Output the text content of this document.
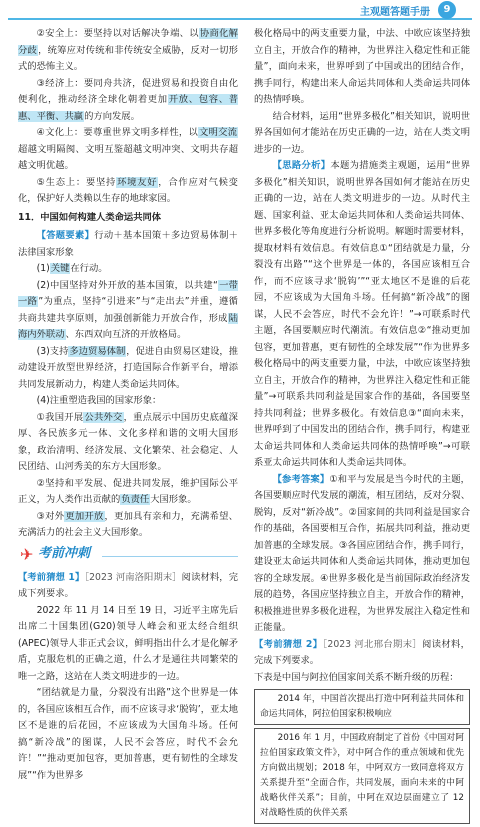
主观题答题手册	9

②安全上：要坚持以对话解决争端、以协商化解分歧，统筹应对传统和非传统安全威胁，反对一切形式的恐怖主义。

③经济上：要同舟共济，促进贸易和投资自由化便利化，推动经济全球化朝着更加开放、包容、普惠、平衡、共赢的方向发展。

④文化上：要尊重世界文明多样性，以文明交流超越文明隔阂、文明互鉴超越文明冲突、文明共存超越文明优越。

⑤生态上：要坚持环境友好，合作应对气候变化，保护好人类赖以生存的地球家园。

11．中国如何构建人类命运共同体

【答题要素】行动＋基本国策＋多边贸易体制＋法律国家形象

(1)关键在行动。

(2)中国坚持对外开放的基本国策，以共建“一带一路”为重点，坚持“引进来”与“走出去”并重，遵循共商共建共享原则，加强创新能力开放合作，形成陆海内外联动、东西双向互济的开放格局。

(3)支持多边贸易体制，促进自由贸易区建设，推动建设开放型世界经济，打造国际合作新平台，增添共同发展新动力，构建人类命运共同体。

(4)注重塑造我国的国家形象：

①我国开展公共外交，重点展示中国历史底蕴深厚、各民族多元一体、文化多样和谐的文明大国形象，政治清明、经济发展、文化繁荣、社会稳定、人民团结、山河秀美的东方大国形象。

②坚持和平发展、促进共同发展，维护国际公平正义，为人类作出贡献的负责任大国形象。

③对外更加开放，更加具有亲和力，充满希望、充满活力的社会主义大国形象。

✈ 考前冲刺

【考前猜想 1】［2023 河南洛阳期末］阅读材料，完成下列要求。

2022 年 11 月 14 日至 19 日，习近平主席先后出席二十国集团(G20)领导人峰会和亚太经合组织(APEC)领导人非正式会议，鲜明指出什么才是化解矛盾，克服危机的正确之道，什么才是通往共同繁荣的唯一之路，这站在人类文明进步的一边。

“团结就是力量，分裂没有出路”这个世界是一体的，各国应该相互合作，而不应该寻求‘脱钩’，亚太地区不是谁的后花园，不应该成为大国角斗场。任何搞“新冷战”的图谋，人民不会答应，时代不会允许！”“推动更加包容，更加普惠，更有韧性的全球发展”“作为世界多

极化格局中的两支重要力量，中法、中欧应该坚持独立自主，开放合作的精神，为世界注入稳定性和正能量”，面向未来，世界呼到了中国或出的团结合作，携手同行，构建出来人命运共同体和人类命运共同体的热情呼唤。

结合材料，运用“世界多极化”相关知识，说明世界各国如何才能站在历史正确的一边，站在人类文明进步的一边。

【思路分析】本题为措施类主观题，运用“世界多极化”相关知识，说明世界各国如何才能站在历史正确的一边，站在人类文明进步的一边。从时代主题、国家利益、亚太命运共同体和人类命运共同体、世界多极化等角度进行分析说明。解题时需要材料，提取材料有效信息。有效信息①“团结就是力量，分裂没有出路”“这个世界是一体的，各国应该相互合作，而不应该寻求‘脱钩’”“亚太地区不是谁的后花园，不应该成为大国角斗场。任何搞“新冷战”的图谋，人民不会答应，时代不会允许！”→可联系时代主题，各国要顺应时代潮流。有效信息②“推动更加包容，更加普惠，更有韧性的全球发展”“作为世界多极化格局中的两支重要力量，中法，中欧应该坚持独立自主，开放合作的精神，为世界注入稳定性和正能量”→可联系共同利益是国家合作的基础，各国要坚持共同利益；世界多极化。有效信息③“面向未来，世界呼到了中国发出的团结合作，携手同行，构建亚太命运共同体和人类命运共同体的热情呼唤”→可联系亚太命运共同体和人类命运共同体。

【参考答案】①和平与发展是当今时代的主题，各国要顺应时代发展的潮流，相互团结，反对分裂、脱钩，反对“新冷战”。②国家间的共同利益是国家合作的基础，各国要相互合作，拓展共同利益，推动更加普惠的全球发展。③各国应团结合作，携手同行，建设亚太命运共同体和人类命运共同体，推动更加包容的全球发展。④世界多极化是当前国际政治经济发展的趋势，各国应坚持独立自主，开放合作的精神，积极推进世界多极化进程，为世界发展注入稳定性和正能量。

【考前猜想 2】［2023 河北邢台期末］阅读材料，完成下列要求。

下表是中国与阿拉伯国家间关系不断升级的历程：

2014 年，中国首次提出打造中阿利益共同体和命运共同体，阿拉伯国家积极响应

2016 年 1 月，中国政府制定了首份《中国对阿拉伯国家政策文件》，对中阿合作的重点领域和优先方向做出规划；2018 年，中阿双方一致同意将双方关系提升至“全面合作，共同发展，面向未来的中阿战略伙伴关系”；目前，中阿在双边层面建立了 12 对战略性质的伙伴关系
